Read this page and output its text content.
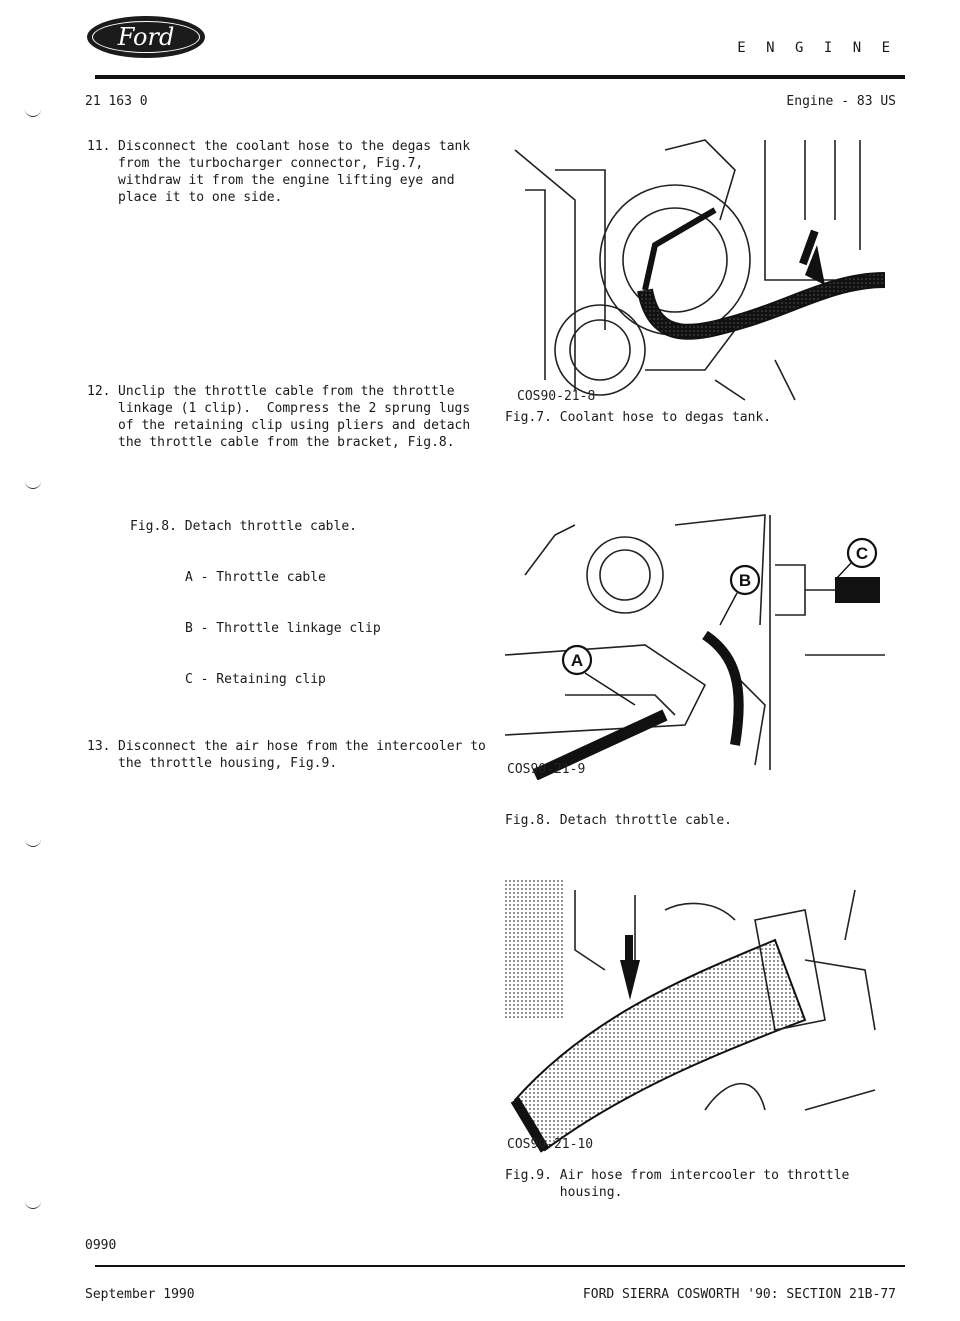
Ford	E N G I N E
21 163 0	Engine - 83 US
11. Disconnect the coolant hose to the degas tank from the turbocharger connector, Fig.7, withdraw it from the engine lifting eye and place it to one side.
12. Unclip the throttle cable from the throttle linkage (1 clip).  Compress the 2 sprung lugs of the retaining clip using pliers and detach the throttle cable from the bracket, Fig.8.
Fig.8. Detach throttle cable.

A - Throttle cable

B - Throttle linkage clip

C - Retaining clip

13. Disconnect the air hose from the intercooler to the throttle housing, Fig.9.
COS90-21-8
Fig.7. Coolant hose to degas tank.
A
B
C
COS90-21-9
Fig.8. Detach throttle cable.
COS90-21-10
Fig.9. Air hose from intercooler to throttle
housing.
0990
September 1990	FORD SIERRA COSWORTH '90: SECTION 21B-77
